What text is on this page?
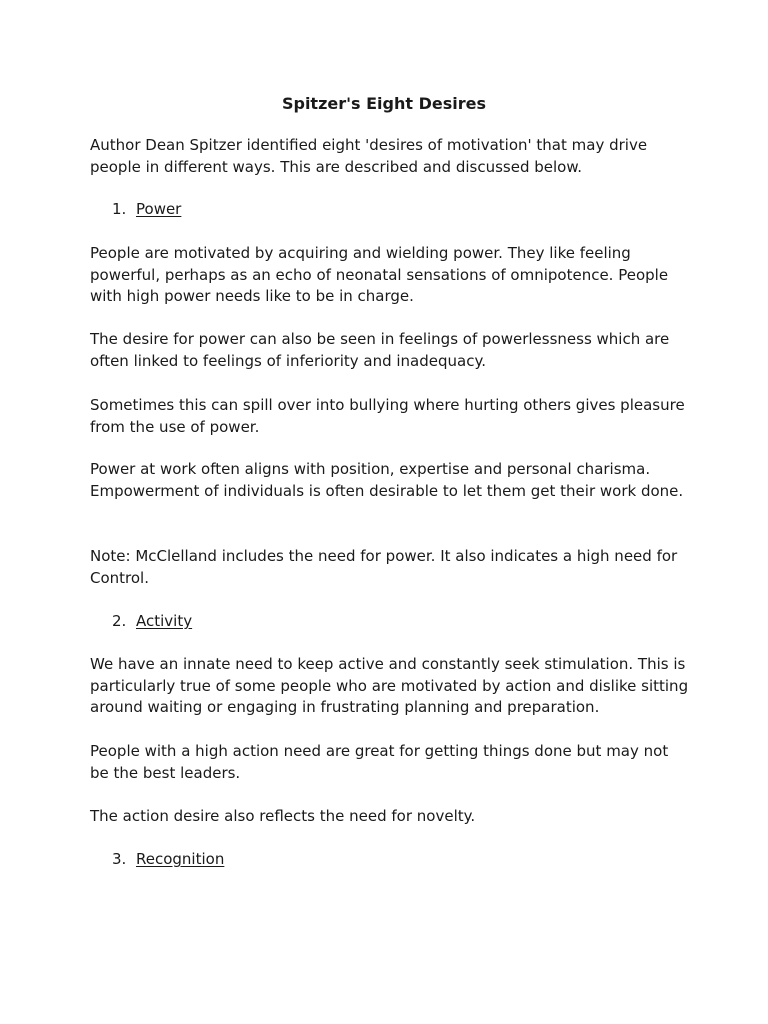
Spitzer's Eight Desires

Author Dean Spitzer identified eight 'desires of motivation' that may drive people in different ways. This are described and discussed below.

1. Power

People are motivated by acquiring and wielding power. They like feeling powerful, perhaps as an echo of neonatal sensations of omnipotence. People with high power needs like to be in charge.

The desire for power can also be seen in feelings of powerlessness which are often linked to feelings of inferiority and inadequacy.

Sometimes this can spill over into bullying where hurting others gives pleasure from the use of power.

Power at work often aligns with position, expertise and personal charisma. Empowerment of individuals is often desirable to let them get their work done.

Note: McClelland includes the need for power. It also indicates a high need for Control.

2. Activity

We have an innate need to keep active and constantly seek stimulation. This is particularly true of some people who are motivated by action and dislike sitting around waiting or engaging in frustrating planning and preparation.

People with a high action need are great for getting things done but may not be the best leaders.

The action desire also reflects the need for novelty.

3. Recognition
